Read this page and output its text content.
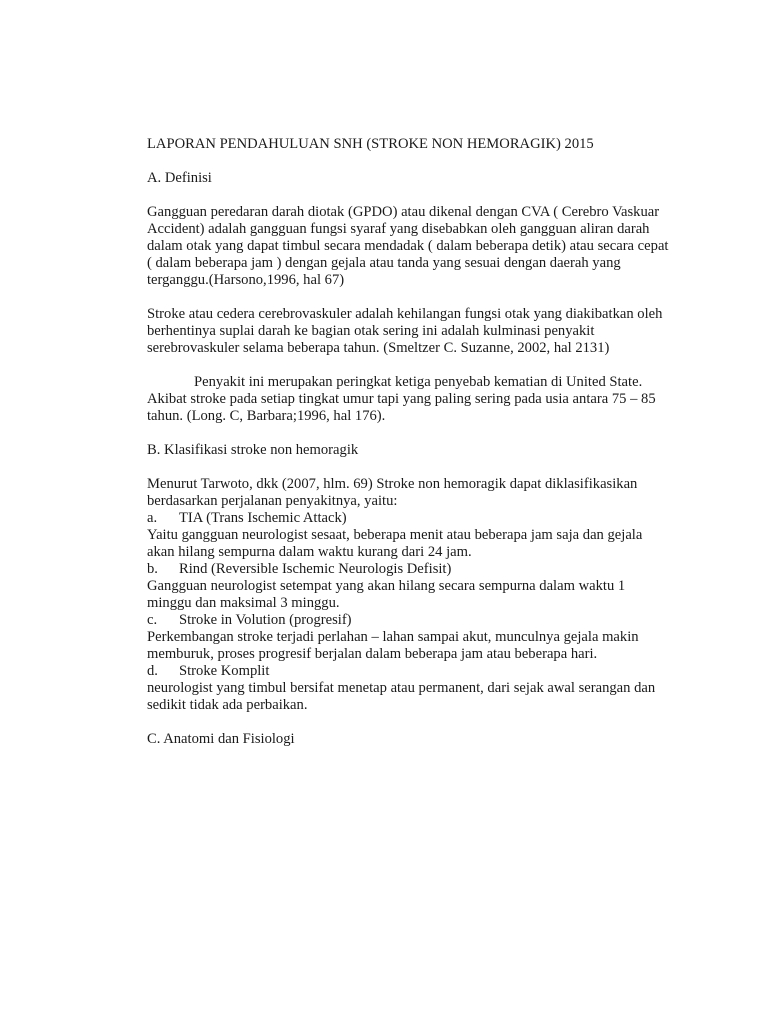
LAPORAN PENDAHULUAN SNH (STROKE NON HEMORAGIK) 2015

A. Definisi

Gangguan peredaran darah diotak (GPDO) atau dikenal dengan CVA ( Cerebro Vaskuar Accident) adalah gangguan fungsi syaraf yang disebabkan oleh gangguan aliran darah dalam otak yang dapat timbul secara mendadak ( dalam beberapa detik) atau secara cepat ( dalam beberapa jam ) dengan gejala atau tanda yang sesuai dengan daerah yang terganggu.(Harsono,1996, hal 67)

Stroke atau cedera cerebrovaskuler adalah kehilangan fungsi otak yang diakibatkan oleh berhentinya suplai darah ke bagian otak sering ini adalah kulminasi penyakit serebrovaskuler selama beberapa tahun. (Smeltzer C. Suzanne, 2002, hal 2131)

Penyakit ini merupakan peringkat ketiga penyebab kematian di United State. Akibat stroke pada setiap tingkat umur tapi yang paling sering pada usia antara 75 – 85 tahun. (Long. C, Barbara;1996, hal 176).

B. Klasifikasi stroke non hemoragik

Menurut Tarwoto, dkk (2007, hlm. 69) Stroke non hemoragik dapat diklasifikasikan berdasarkan perjalanan penyakitnya, yaitu:

a.	TIA (Trans Ischemic Attack)

Yaitu gangguan neurologist sesaat, beberapa menit atau beberapa jam saja dan gejala akan hilang sempurna dalam waktu kurang dari 24 jam.

b.	Rind (Reversible Ischemic Neurologis Defisit)

Gangguan neurologist setempat yang akan hilang secara sempurna dalam waktu 1 minggu dan maksimal 3 minggu.

c.	Stroke in Volution (progresif)

Perkembangan stroke terjadi perlahan – lahan sampai akut, munculnya gejala makin memburuk, proses progresif berjalan dalam beberapa jam atau beberapa hari.

d.	Stroke Komplit

neurologist yang timbul bersifat menetap atau permanent, dari sejak awal serangan dan sedikit tidak ada perbaikan.

C. Anatomi dan Fisiologi
